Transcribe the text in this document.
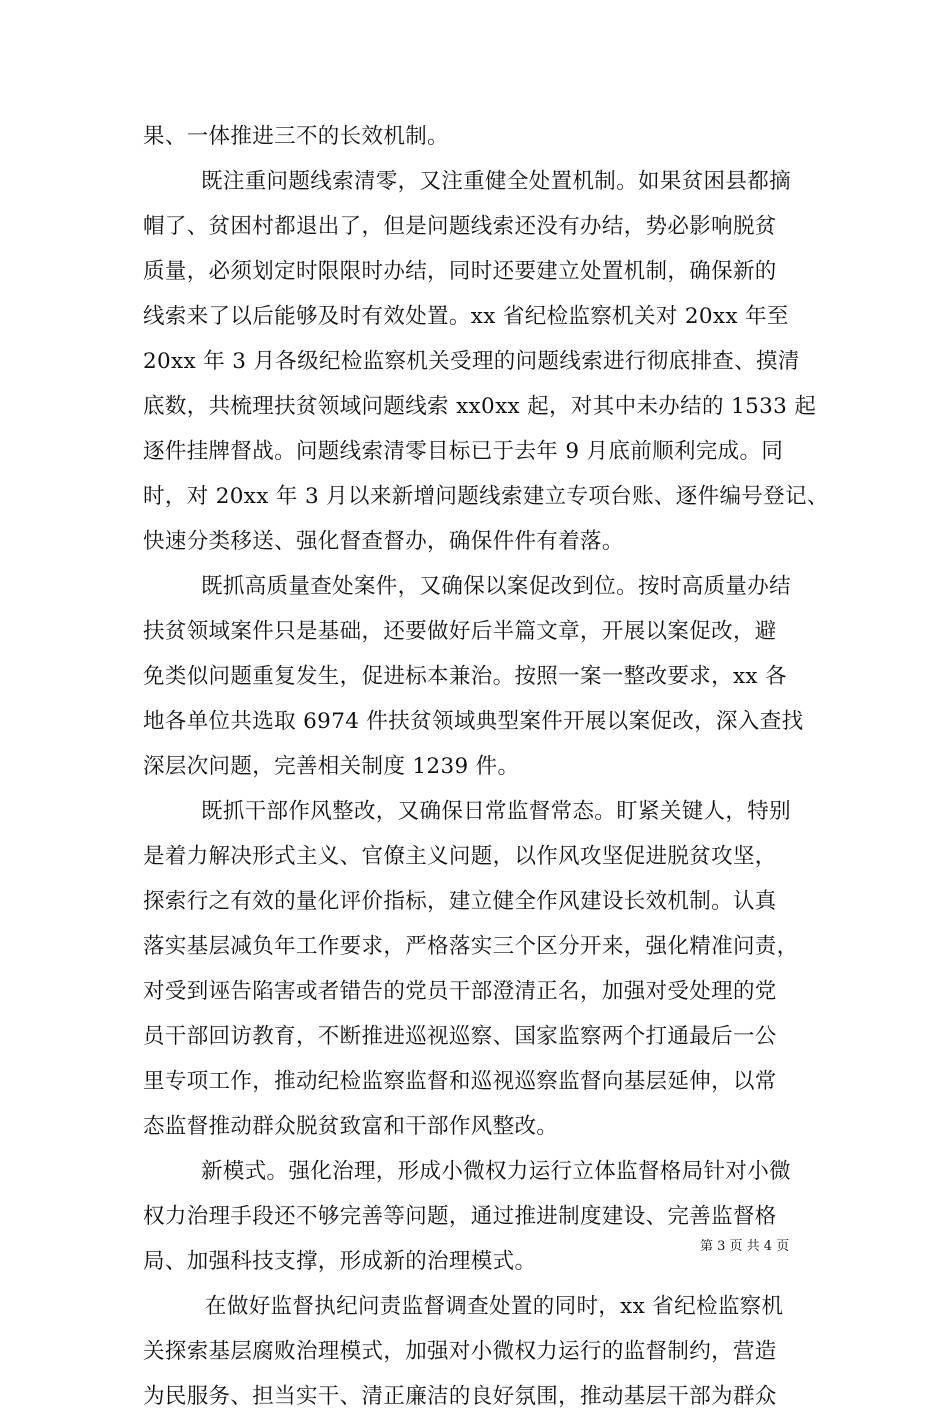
果、一体推进三不的长效机制。
既注重问题线索清零，又注重健全处置机制。如果贫困县都摘
帽了、贫困村都退出了，但是问题线索还没有办结，势必影响脱贫
质量，必须划定时限限时办结，同时还要建立处置机制，确保新的
线索来了以后能够及时有效处置。xx 省纪检监察机关对 20xx 年至
20xx 年 3 月各级纪检监察机关受理的问题线索进行彻底排查、摸清
底数，共梳理扶贫领域问题线索 xx0xx 起，对其中未办结的 1533 起
逐件挂牌督战。问题线索清零目标已于去年 9 月底前顺利完成。同
时，对 20xx 年 3 月以来新增问题线索建立专项台账、逐件编号登记、
快速分类移送、强化督查督办，确保件件有着落。
既抓高质量查处案件，又确保以案促改到位。按时高质量办结
扶贫领域案件只是基础，还要做好后半篇文章，开展以案促改，避
免类似问题重复发生，促进标本兼治。按照一案一整改要求，xx 各
地各单位共选取 6974 件扶贫领域典型案件开展以案促改，深入查找
深层次问题，完善相关制度 1239 件。
既抓干部作风整改，又确保日常监督常态。盯紧关键人，特别
是着力解决形式主义、官僚主义问题，以作风攻坚促进脱贫攻坚，
探索行之有效的量化评价指标，建立健全作风建设长效机制。认真
落实基层减负年工作要求，严格落实三个区分开来，强化精准问责，
对受到诬告陷害或者错告的党员干部澄清正名，加强对受处理的党
员干部回访教育，不断推进巡视巡察、国家监察两个打通最后一公
里专项工作，推动纪检监察监督和巡视巡察监督向基层延伸，以常
态监督推动群众脱贫致富和干部作风整改。
新模式。强化治理，形成小微权力运行立体监督格局针对小微
权力治理手段还不够完善等问题，通过推进制度建设、完善监督格
局、加强科技支撑，形成新的治理模式。
在做好监督执纪问责监督调查处置的同时，xx 省纪检监察机
关探索基层腐败治理模式，加强对小微权力运行的监督制约，营造
为民服务、担当实干、清正廉洁的良好氛围，推动基层干部为群众
第 3 页 共 4 页
